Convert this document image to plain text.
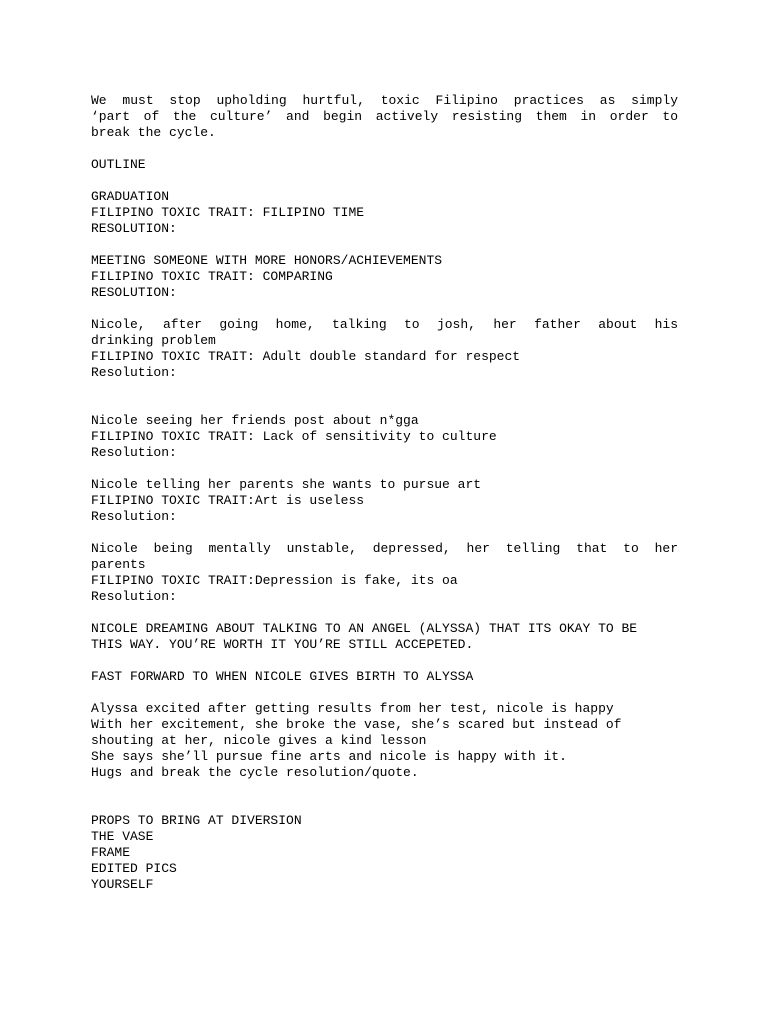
We must stop upholding hurtful, toxic Filipino practices as simply
‘part of the culture’ and begin actively resisting them in order to
break the cycle.
OUTLINE
GRADUATION
FILIPINO TOXIC TRAIT: FILIPINO TIME
RESOLUTION:
MEETING SOMEONE WITH MORE HONORS/ACHIEVEMENTS
FILIPINO TOXIC TRAIT: COMPARING
RESOLUTION:
Nicole, after going home, talking to josh, her father about his
drinking problem
FILIPINO TOXIC TRAIT: Adult double standard for respect
Resolution:
Nicole seeing her friends post about n*gga
FILIPINO TOXIC TRAIT: Lack of sensitivity to culture
Resolution:
Nicole telling her parents she wants to pursue art
FILIPINO TOXIC TRAIT:Art is useless
Resolution:
Nicole being mentally unstable, depressed, her telling that to her
parents
FILIPINO TOXIC TRAIT:Depression is fake, its oa
Resolution:
NICOLE DREAMING ABOUT TALKING TO AN ANGEL (ALYSSA) THAT ITS OKAY TO BE
THIS WAY. YOU’RE WORTH IT YOU’RE STILL ACCEPETED.
FAST FORWARD TO WHEN NICOLE GIVES BIRTH TO ALYSSA
Alyssa excited after getting results from her test, nicole is happy
With her excitement, she broke the vase, she’s scared but instead of
shouting at her, nicole gives a kind lesson
She says she’ll pursue fine arts and nicole is happy with it.
Hugs and break the cycle resolution/quote.
PROPS TO BRING AT DIVERSION
THE VASE
FRAME
EDITED PICS
YOURSELF
